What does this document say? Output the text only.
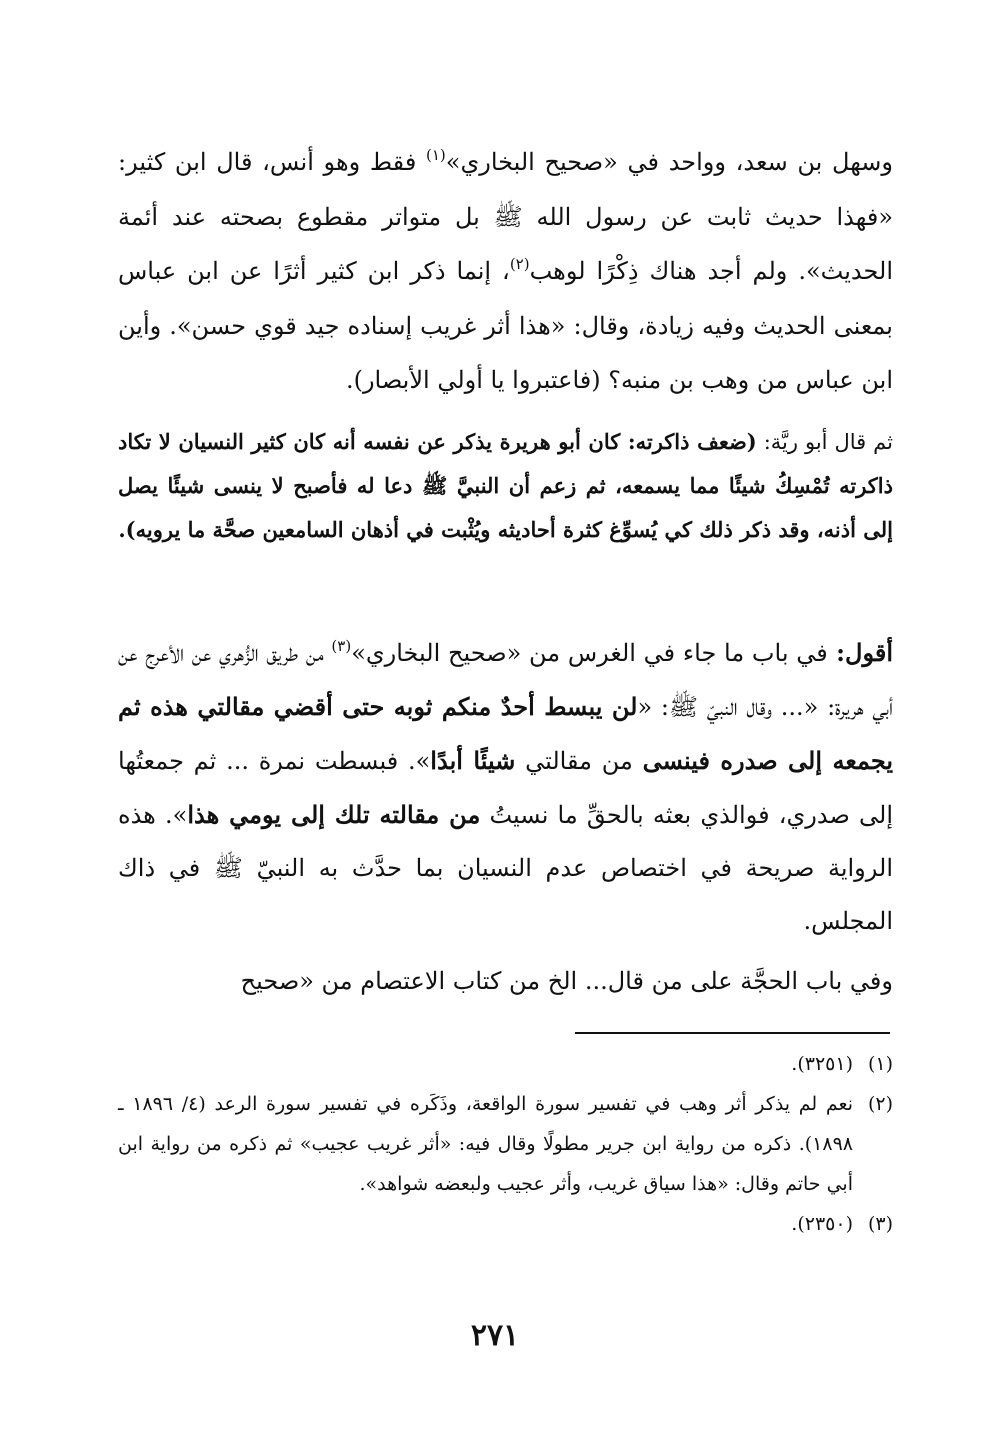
وسهل بن سعد، وواحد في «صحيح البخاري»$^{(١)}$ فقط وهو أنس، قال ابن كثير: «فهذا حديث ثابت عن رسول الله ﷺ بل متواتر مقطوع بصحته عند أئمة الحديث». ولم أجد هناك ذِكْرًا لوهب$^{(٢)}$، إنما ذكر ابن كثير أثرًا عن ابن عباس بمعنى الحديث وفيه زيادة، وقال: «هذا أثر غريب إسناده جيد قوي حسن». وأين ابن عباس من وهب بن منبه؟ (فاعتبروا يا أولي الأبصار).

ثم قال أبو ريَّة: (ضعف ذاكرته: كان أبو هريرة يذكر عن نفسه أنه كان كثير النسيان لا تكاد ذاكرته تُمْسِكُ شيئًا مما يسمعه، ثم زعم أن النبيَّ ﷺ دعا له فأصبح لا ينسى شيئًا يصل إلى أذنه، وقد ذكر ذلك كي يُسوِّغ كثرة أحاديثه ويُثْبت في أذهان السامعين صحَّة ما يرويه).

أقول: في باب ما جاء في الغرس من «صحيح البخاري»$^{(٣)}$ من طريق الزُّهري عن الأعرج عن أبي هريرة: «... وقال النبيّ ﷺ: «لن يبسط أحدٌ منكم ثوبه حتى أقضي مقالتي هذه ثم يجمعه إلى صدره فينسى من مقالتي شيئًا أبدًا». فبسطت نمرة ... ثم جمعتُها إلى صدري، فوالذي بعثه بالحقِّ ما نسيتُ من مقالته تلك إلى يومي هذا». هذه الرواية صريحة في اختصاص عدم النسيان بما حدَّث به النبيّ ﷺ في ذاك المجلس.

وفي باب الحجَّة على من قال... الخ من كتاب الاعتصام من «صحيح

(١)
(٣٢٥١).
(٢)
نعم لم يذكر أثر وهب في تفسير سورة الواقعة، وذَكَره في تفسير سورة الرعد (٤/ ١٨٩٦ ـ ١٨٩٨). ذكره من رواية ابن جرير مطولًا وقال فيه: «أثر غريب عجيب» ثم ذكره من رواية ابن أبي حاتم وقال: «هذا سياق غريب، وأثر عجيب ولبعضه شواهد».
(٣)
(٢٣٥٠).
٢٧١
